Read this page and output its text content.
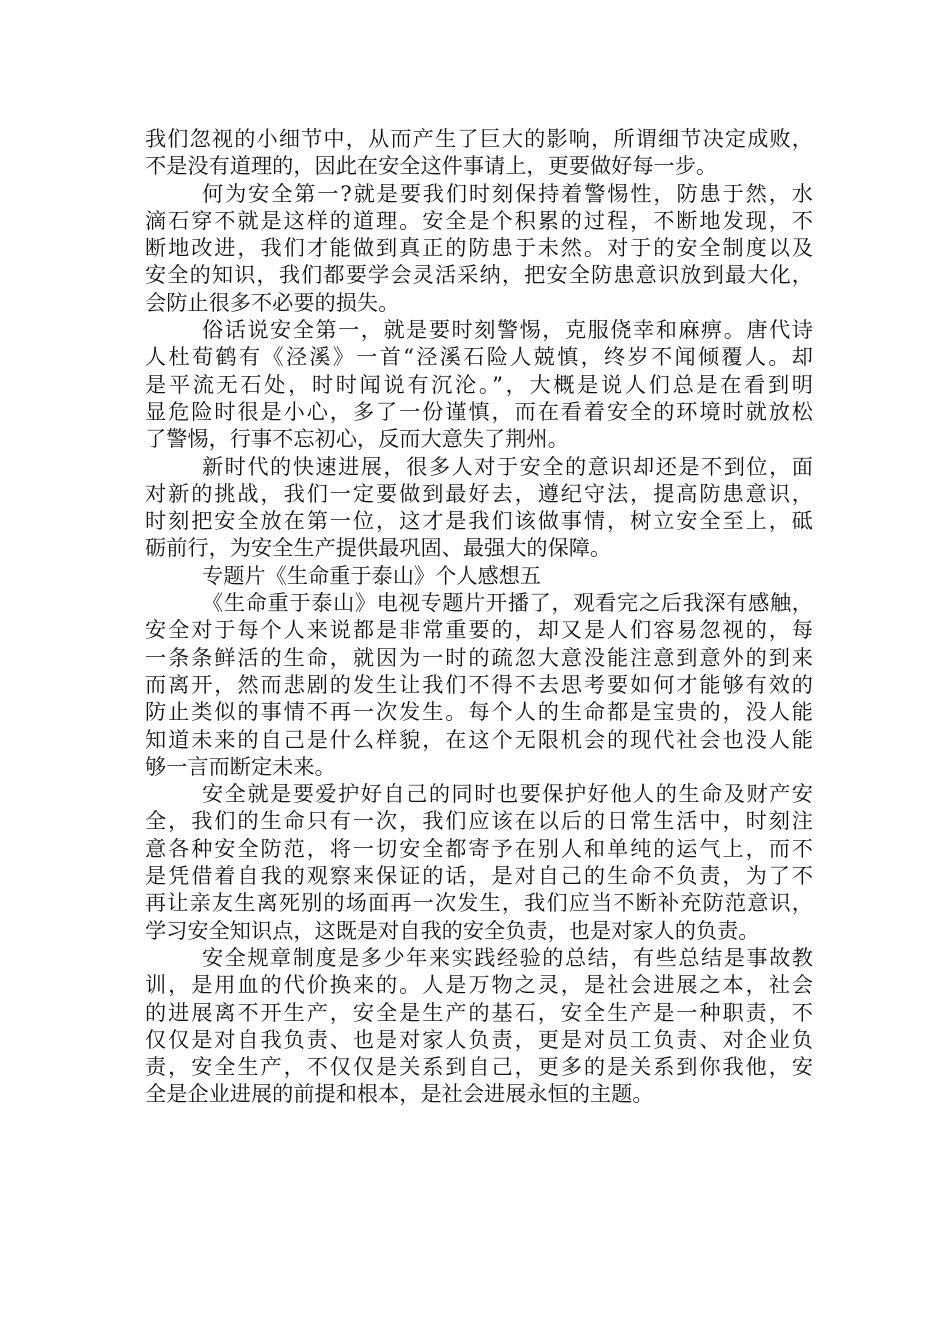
我们忽视的小细节中，从而产生了巨大的影响，所谓细节决定成败，
不是没有道理的，因此在安全这件事请上，更要做好每一步。
何为安全第一?就是要我们时刻保持着警惕性，防患于然，水
滴石穿不就是这样的道理。安全是个积累的过程，不断地发现，不
断地改进，我们才能做到真正的防患于未然。对于的安全制度以及
安全的知识，我们都要学会灵活采纳，把安全防患意识放到最大化，
会防止很多不必要的损失。
俗话说安全第一，就是要时刻警惕，克服侥幸和麻痹。唐代诗
人杜荀鹤有《泾溪》一首“泾溪石险人兢慎，终岁不闻倾覆人。却
是平流无石处，时时闻说有沉沦。”，大概是说人们总是在看到明
显危险时很是小心，多了一份谨慎，而在看着安全的环境时就放松
了警惕，行事不忘初心，反而大意失了荆州。
新时代的快速进展，很多人对于安全的意识却还是不到位，面
对新的挑战，我们一定要做到最好去，遵纪守法，提高防患意识，
时刻把安全放在第一位，这才是我们该做事情，树立安全至上，砥
砺前行，为安全生产提供最巩固、最强大的保障。
专题片《生命重于泰山》个人感想五
《生命重于泰山》电视专题片开播了，观看完之后我深有感触，
安全对于每个人来说都是非常重要的，却又是人们容易忽视的，每
一条条鲜活的生命，就因为一时的疏忽大意没能注意到意外的到来
而离开，然而悲剧的发生让我们不得不去思考要如何才能够有效的
防止类似的事情不再一次发生。每个人的生命都是宝贵的，没人能
知道未来的自己是什么样貌，在这个无限机会的现代社会也没人能
够一言而断定未来。
安全就是要爱护好自己的同时也要保护好他人的生命及财产安
全，我们的生命只有一次，我们应该在以后的日常生活中，时刻注
意各种安全防范，将一切安全都寄予在别人和单纯的运气上，而不
是凭借着自我的观察来保证的话，是对自己的生命不负责，为了不
再让亲友生离死别的场面再一次发生，我们应当不断补充防范意识，
学习安全知识点，这既是对自我的安全负责，也是对家人的负责。
安全规章制度是多少年来实践经验的总结，有些总结是事故教
训，是用血的代价换来的。人是万物之灵，是社会进展之本，社会
的进展离不开生产，安全是生产的基石，安全生产是一种职责，不
仅仅是对自我负责、也是对家人负责，更是对员工负责、对企业负
责，安全生产，不仅仅是关系到自己，更多的是关系到你我他，安
全是企业进展的前提和根本，是社会进展永恒的主题。
